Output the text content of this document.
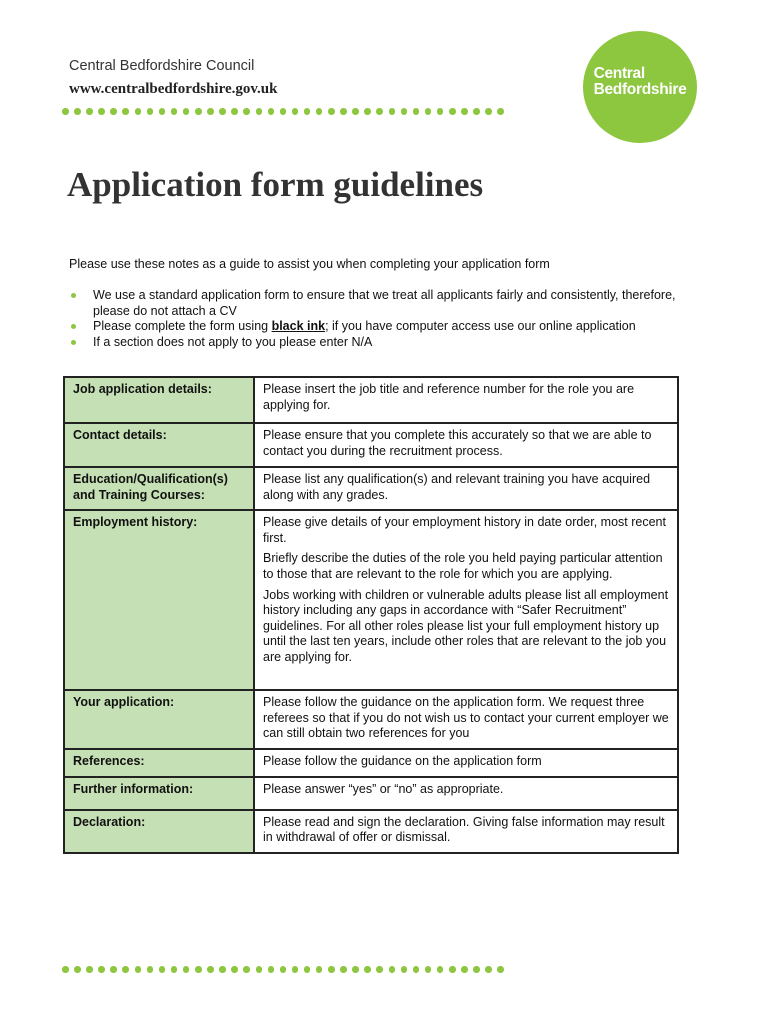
Central Bedfordshire Council
www.centralbedfordshire.gov.uk
Central
Bedfordshire
Application form guidelines
Please use these notes as a guide to assist you when completing your application form
We use a standard application form to ensure that we treat all applicants fairly and consistently, therefore, please do not attach a CV
Please complete the form using black ink; if you have computer access use our online application
If a section does not apply to you please enter N/A
Job application details:	Please insert the job title and reference number for the role you are applying for.

Contact details:	Please ensure that you complete this accurately so that we are able to contact you during the recruitment process.

Education/Qualification(s) and Training Courses:	Please list any qualification(s) and relevant training you have acquired along with any grades.

Employment history:	Please give details of your employment history in date order, most recent first.

Briefly describe the duties of the role you held paying particular attention to those that are relevant to the role for which you are applying.

Jobs working with children or vulnerable adults please list all employment history including any gaps in accordance with “Safer Recruitment” guidelines. For all other roles please list your full employment history up until the last ten years, include other roles that are relevant to the job you are applying for.

Your application:	Please follow the guidance on the application form. We request three referees so that if you do not wish us to contact your current employer we can still obtain two references for you

References:	Please follow the guidance on the application form

Further information:	Please answer “yes” or “no” as appropriate.

Declaration:	Please read and sign the declaration. Giving false information may result in withdrawal of offer or dismissal.
